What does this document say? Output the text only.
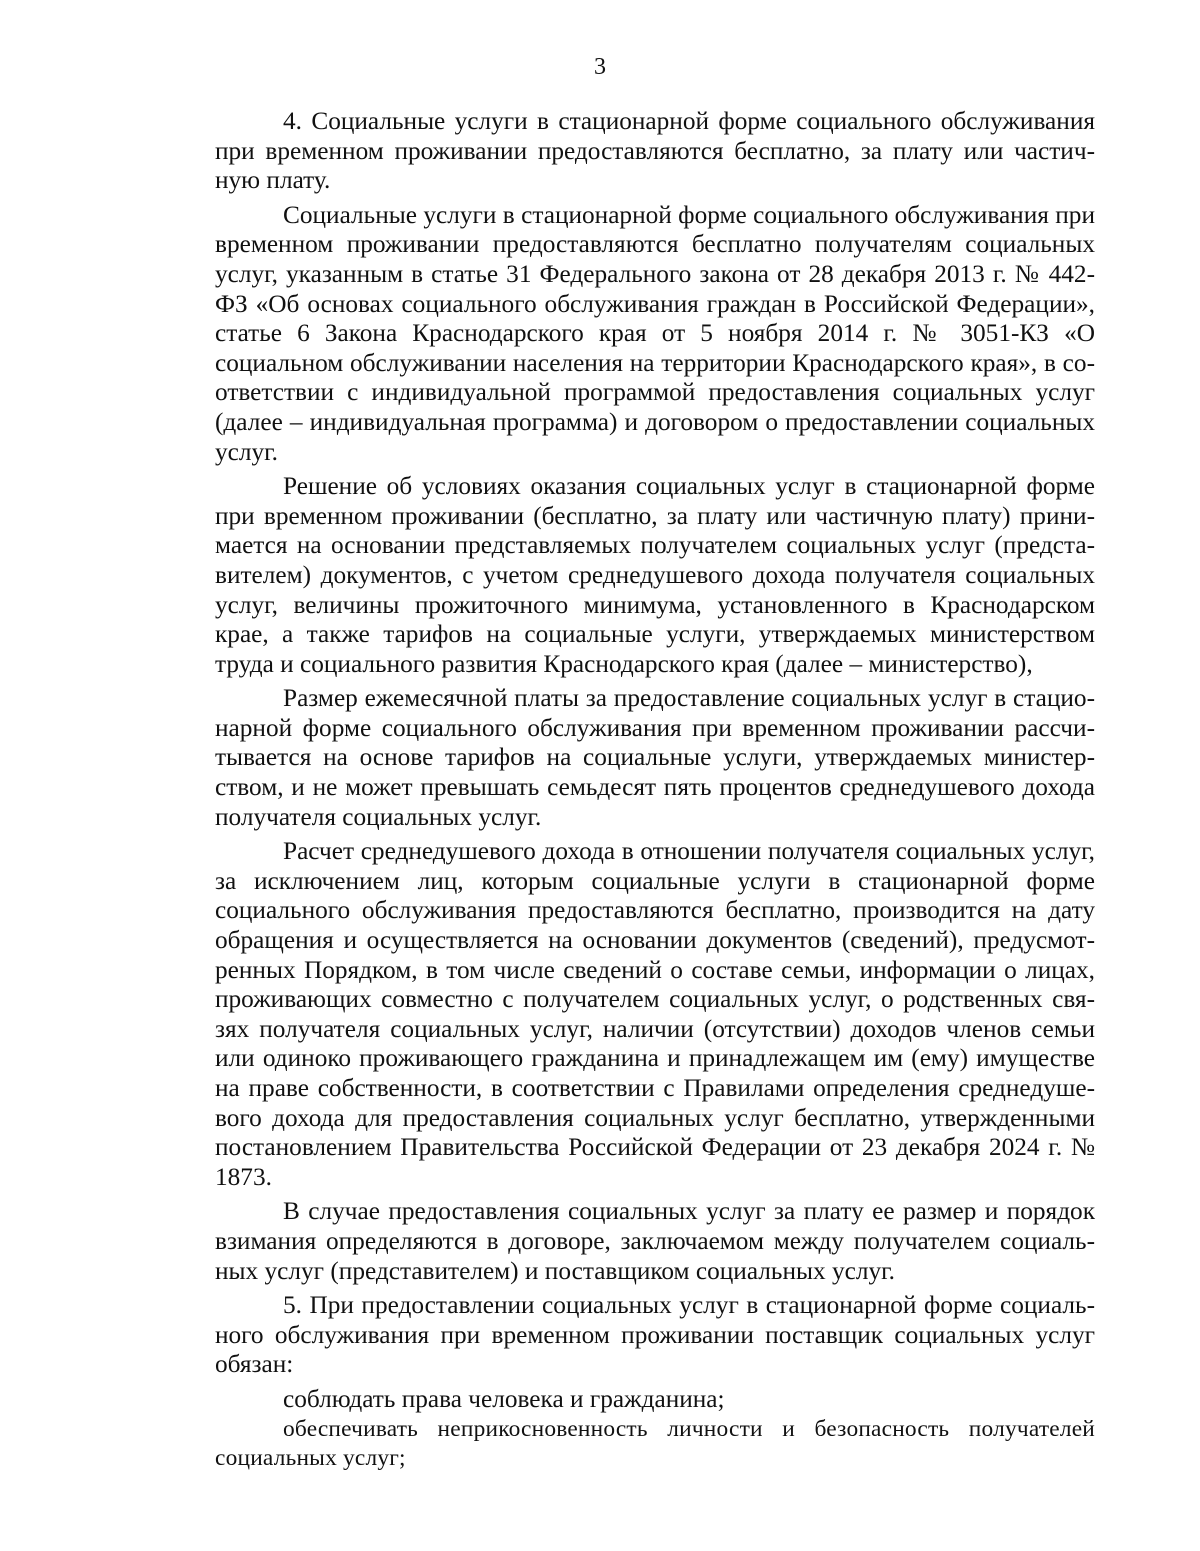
3

4. Социальные услуги в стационарной форме социального обслуживания при временном проживании предоставляются бесплатно, за плату или частичную плату.

Социальные услуги в стационарной форме социального обслуживания при временном проживании предоставляются бесплатно получателям социальных услуг, указанным в статье 31 Федерального закона от 28 декабря 2013 г. № 442-ФЗ «Об основах социального обслуживания граждан в Российской Федерации», статье 6 Закона Краснодарского края от 5 ноября 2014 г. № 3051-КЗ «О социальном обслуживании населения на территории Краснодарского края», в соответствии с индивидуальной программой предоставления социальных услуг (далее – индивидуальная программа) и договором о предоставлении социальных услуг.

Решение об условиях оказания социальных услуг в стационарной форме при временном проживании (бесплатно, за плату или частичную плату) принимается на основании представляемых получателем социальных услуг (представителем) документов, с учетом среднедушевого дохода получателя социальных услуг, величины прожиточного минимума, установленного в Краснодарском крае, а также тарифов на социальные услуги, утверждаемых министерством труда и социального развития Краснодарского края (далее – министерство),

Размер ежемесячной платы за предоставление социальных услуг в стационарной форме социального обслуживания при временном проживании рассчитывается на основе тарифов на социальные услуги, утверждаемых министерством, и не может превышать семьдесят пять процентов среднедушевого дохода получателя социальных услуг.

Расчет среднедушевого дохода в отношении получателя социальных услуг, за исключением лиц, которым социальные услуги в стационарной форме социального обслуживания предоставляются бесплатно, производится на дату обращения и осуществляется на основании документов (сведений), предусмотренных Порядком, в том числе сведений о составе семьи, информации о лицах, проживающих совместно с получателем социальных услуг, о родственных связях получателя социальных услуг, наличии (отсутствии) доходов членов семьи или одиноко проживающего гражданина и принадлежащем им (ему) имуществе на праве собственности, в соответствии с Правилами определения среднедушевого дохода для предоставления социальных услуг бесплатно, утвержденными постановлением Правительства Российской Федерации от 23 декабря 2024 г. № 1873.

В случае предоставления социальных услуг за плату ее размер и порядок взимания определяются в договоре, заключаемом между получателем социальных услуг (представителем) и поставщиком социальных услуг.

5. При предоставлении социальных услуг в стационарной форме социального обслуживания при временном проживании поставщик социальных услуг обязан:

соблюдать права человека и гражданина;

обеспечивать неприкосновенность личности и безопасность получателей социальных услуг;
